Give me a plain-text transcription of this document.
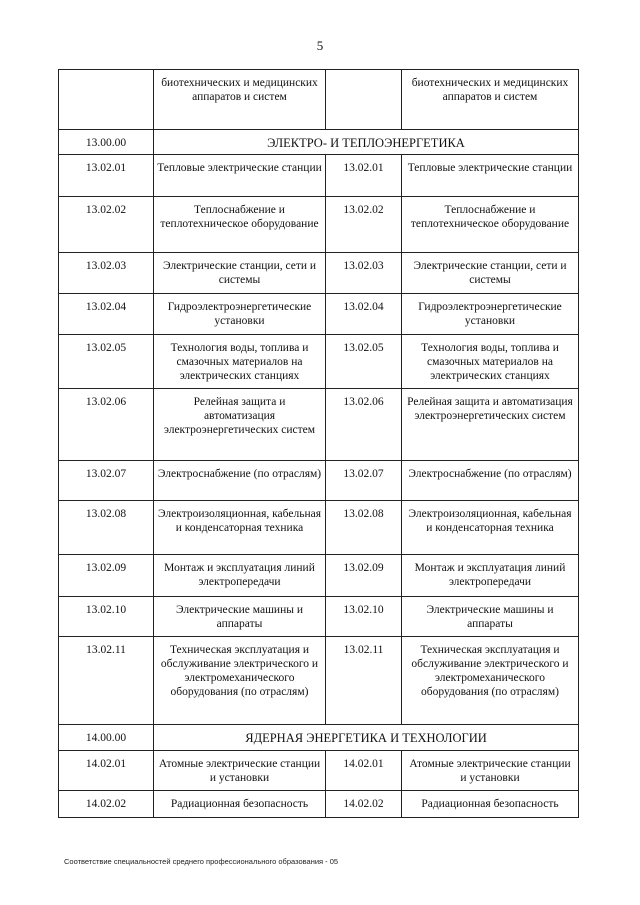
5
	биотехнических и медицинских аппаратов и систем		биотехнических и медицинских аппаратов и систем
13.00.00	ЭЛЕКТРО- И ТЕПЛОЭНЕРГЕТИКА		
13.02.01	Тепловые электрические станции	13.02.01	Тепловые электрические станции
13.02.02	Теплоснабжение и теплотехническое оборудование	13.02.02	Теплоснабжение и теплотехническое оборудование
13.02.03	Электрические станции, сети и системы	13.02.03	Электрические станции, сети и системы
13.02.04	Гидроэлектроэнергетические установки	13.02.04	Гидроэлектроэнергетические установки
13.02.05	Технология воды, топлива и смазочных материалов на электрических станциях	13.02.05	Технология воды, топлива и смазочных материалов на электрических станциях
13.02.06	Релейная защита и автоматизация электроэнергетических систем	13.02.06	Релейная защита и автоматизация электроэнергетических систем
13.02.07	Электроснабжение (по отраслям)	13.02.07	Электроснабжение (по отраслям)
13.02.08	Электроизоляционная, кабельная и конденсаторная техника	13.02.08	Электроизоляционная, кабельная и конденсаторная техника
13.02.09	Монтаж и эксплуатация линий электропередачи	13.02.09	Монтаж и эксплуатация линий электропередачи
13.02.10	Электрические машины и аппараты	13.02.10	Электрические машины и аппараты
13.02.11	Техническая эксплуатация и обслуживание электрического и электромеханического оборудования (по отраслям)	13.02.11	Техническая эксплуатация и обслуживание электрического и электромеханического оборудования (по отраслям)
14.00.00	ЯДЕРНАЯ ЭНЕРГЕТИКА И ТЕХНОЛОГИИ		
14.02.01	Атомные электрические станции и установки	14.02.01	Атомные электрические станции и установки
14.02.02	Радиационная безопасность	14.02.02	Радиационная безопасность
Соответствие специальностей среднего профессионального образования - 05
